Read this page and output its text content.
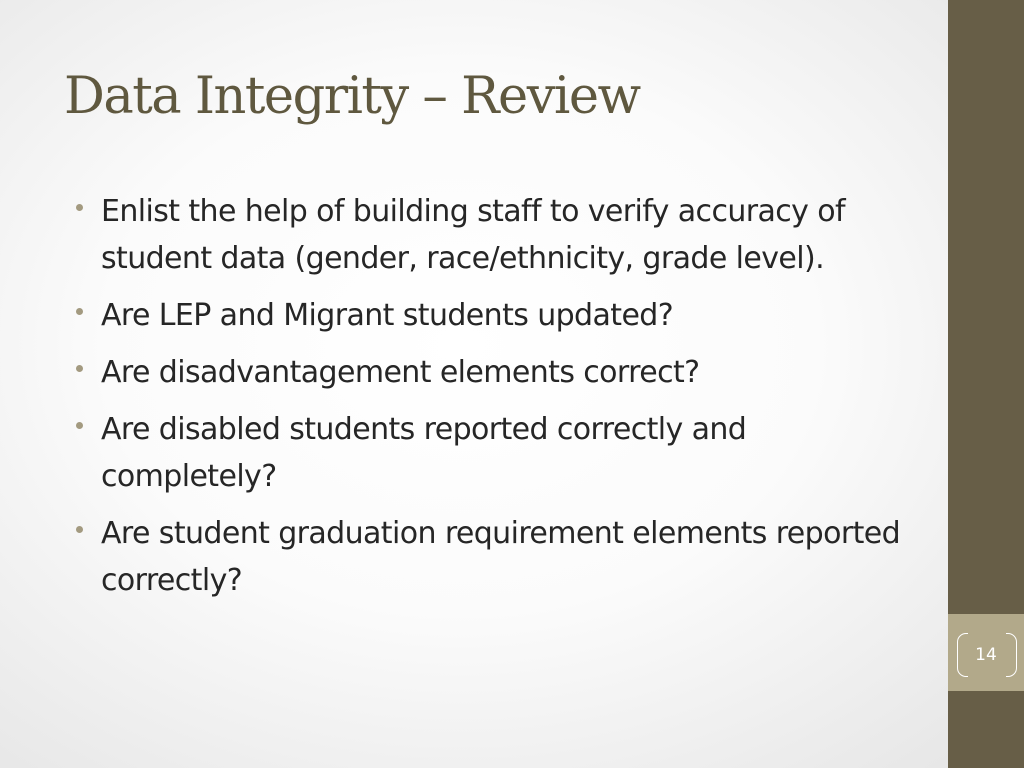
14
Data Integrity – Review
Enlist the help of building staff to verify accuracy of student data (gender, race/ethnicity, grade level).
Are LEP and Migrant students updated?
Are disadvantagement elements correct?
Are disabled students reported correctly and completely?
Are student graduation requirement elements reported correctly?
